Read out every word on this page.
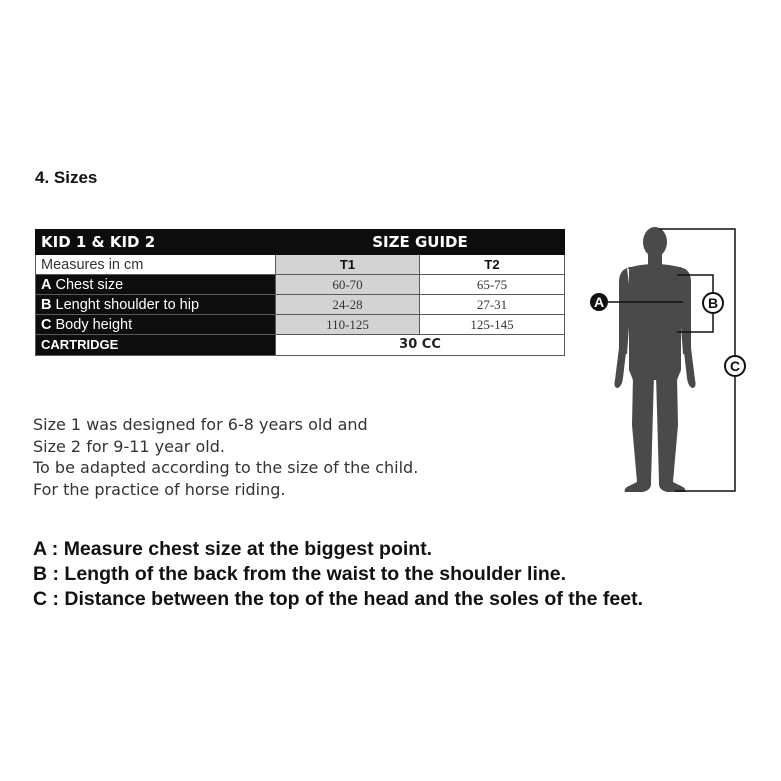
4. Sizes
KID 1 & KID 2	SIZE GUIDE	
Measures in cm	T1	T2
A Chest size	60-70	65-75
B Lenght shoulder to hip	24-28	27-31
C Body height	110-125	125-145
CARTRIDGE	30 CC	
A	B
C
Size 1 was designed for 6-8 years old and
Size 2 for 9-11 year old.
To be adapted according to the size of the child.
For the practice of horse riding.
A : Measure chest size at the biggest point.
B : Length of the back from the waist to the shoulder line.
C : Distance between the top of the head and the soles of the feet.
